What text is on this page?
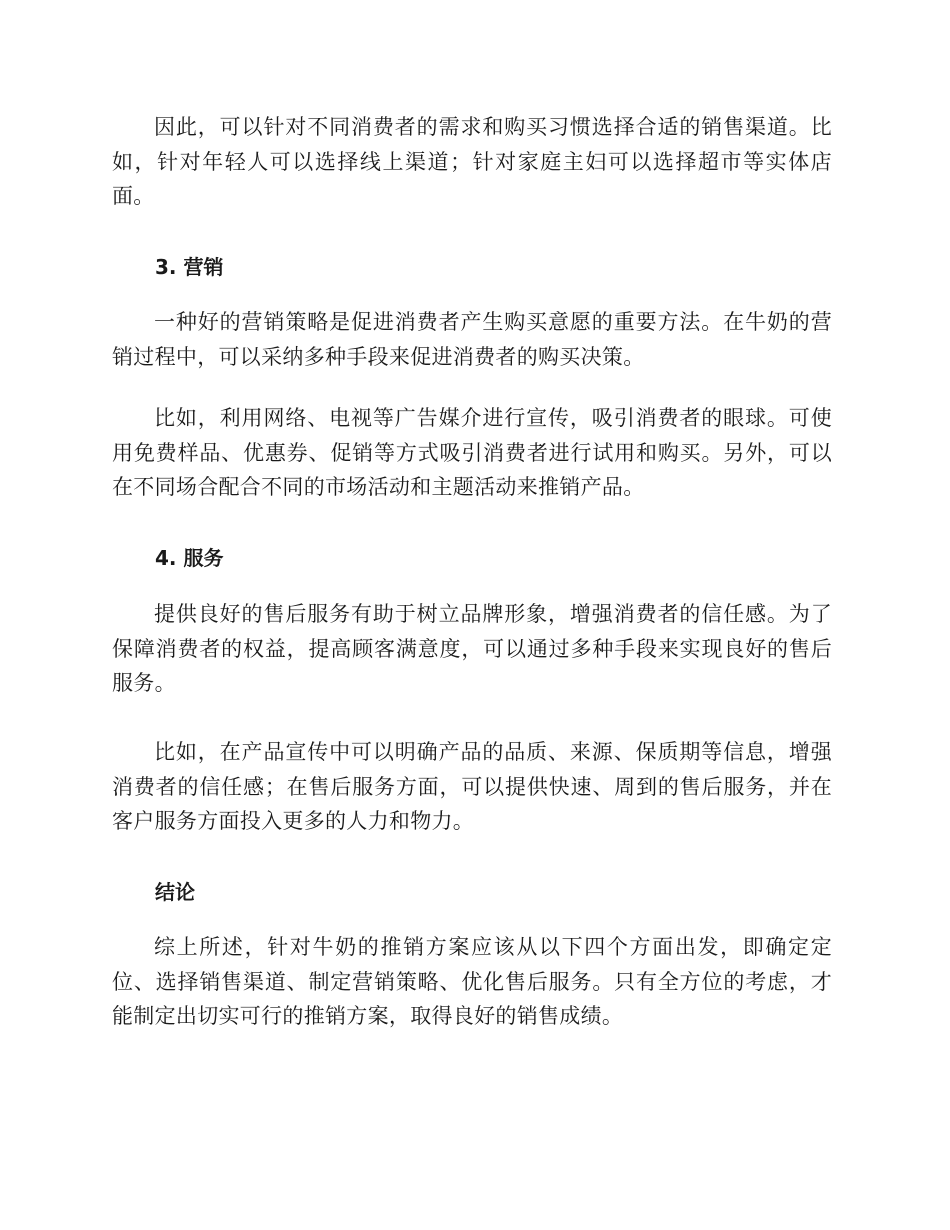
因此，可以针对不同消费者的需求和购买习惯选择合适的销售渠道。比如，针对年轻人可以选择线上渠道；针对家庭主妇可以选择超市等实体店面。

3. 营销

一种好的营销策略是促进消费者产生购买意愿的重要方法。在牛奶的营销过程中，可以采纳多种手段来促进消费者的购买决策。

比如，利用网络、电视等广告媒介进行宣传，吸引消费者的眼球。可使用免费样品、优惠券、促销等方式吸引消费者进行试用和购买。另外，可以在不同场合配合不同的市场活动和主题活动来推销产品。

4. 服务

提供良好的售后服务有助于树立品牌形象，增强消费者的信任感。为了保障消费者的权益，提高顾客满意度，可以通过多种手段来实现良好的售后服务。

比如，在产品宣传中可以明确产品的品质、来源、保质期等信息，增强消费者的信任感；在售后服务方面，可以提供快速、周到的售后服务，并在客户服务方面投入更多的人力和物力。

结论

综上所述，针对牛奶的推销方案应该从以下四个方面出发，即确定定位、选择销售渠道、制定营销策略、优化售后服务。只有全方位的考虑，才能制定出切实可行的推销方案，取得良好的销售成绩。
